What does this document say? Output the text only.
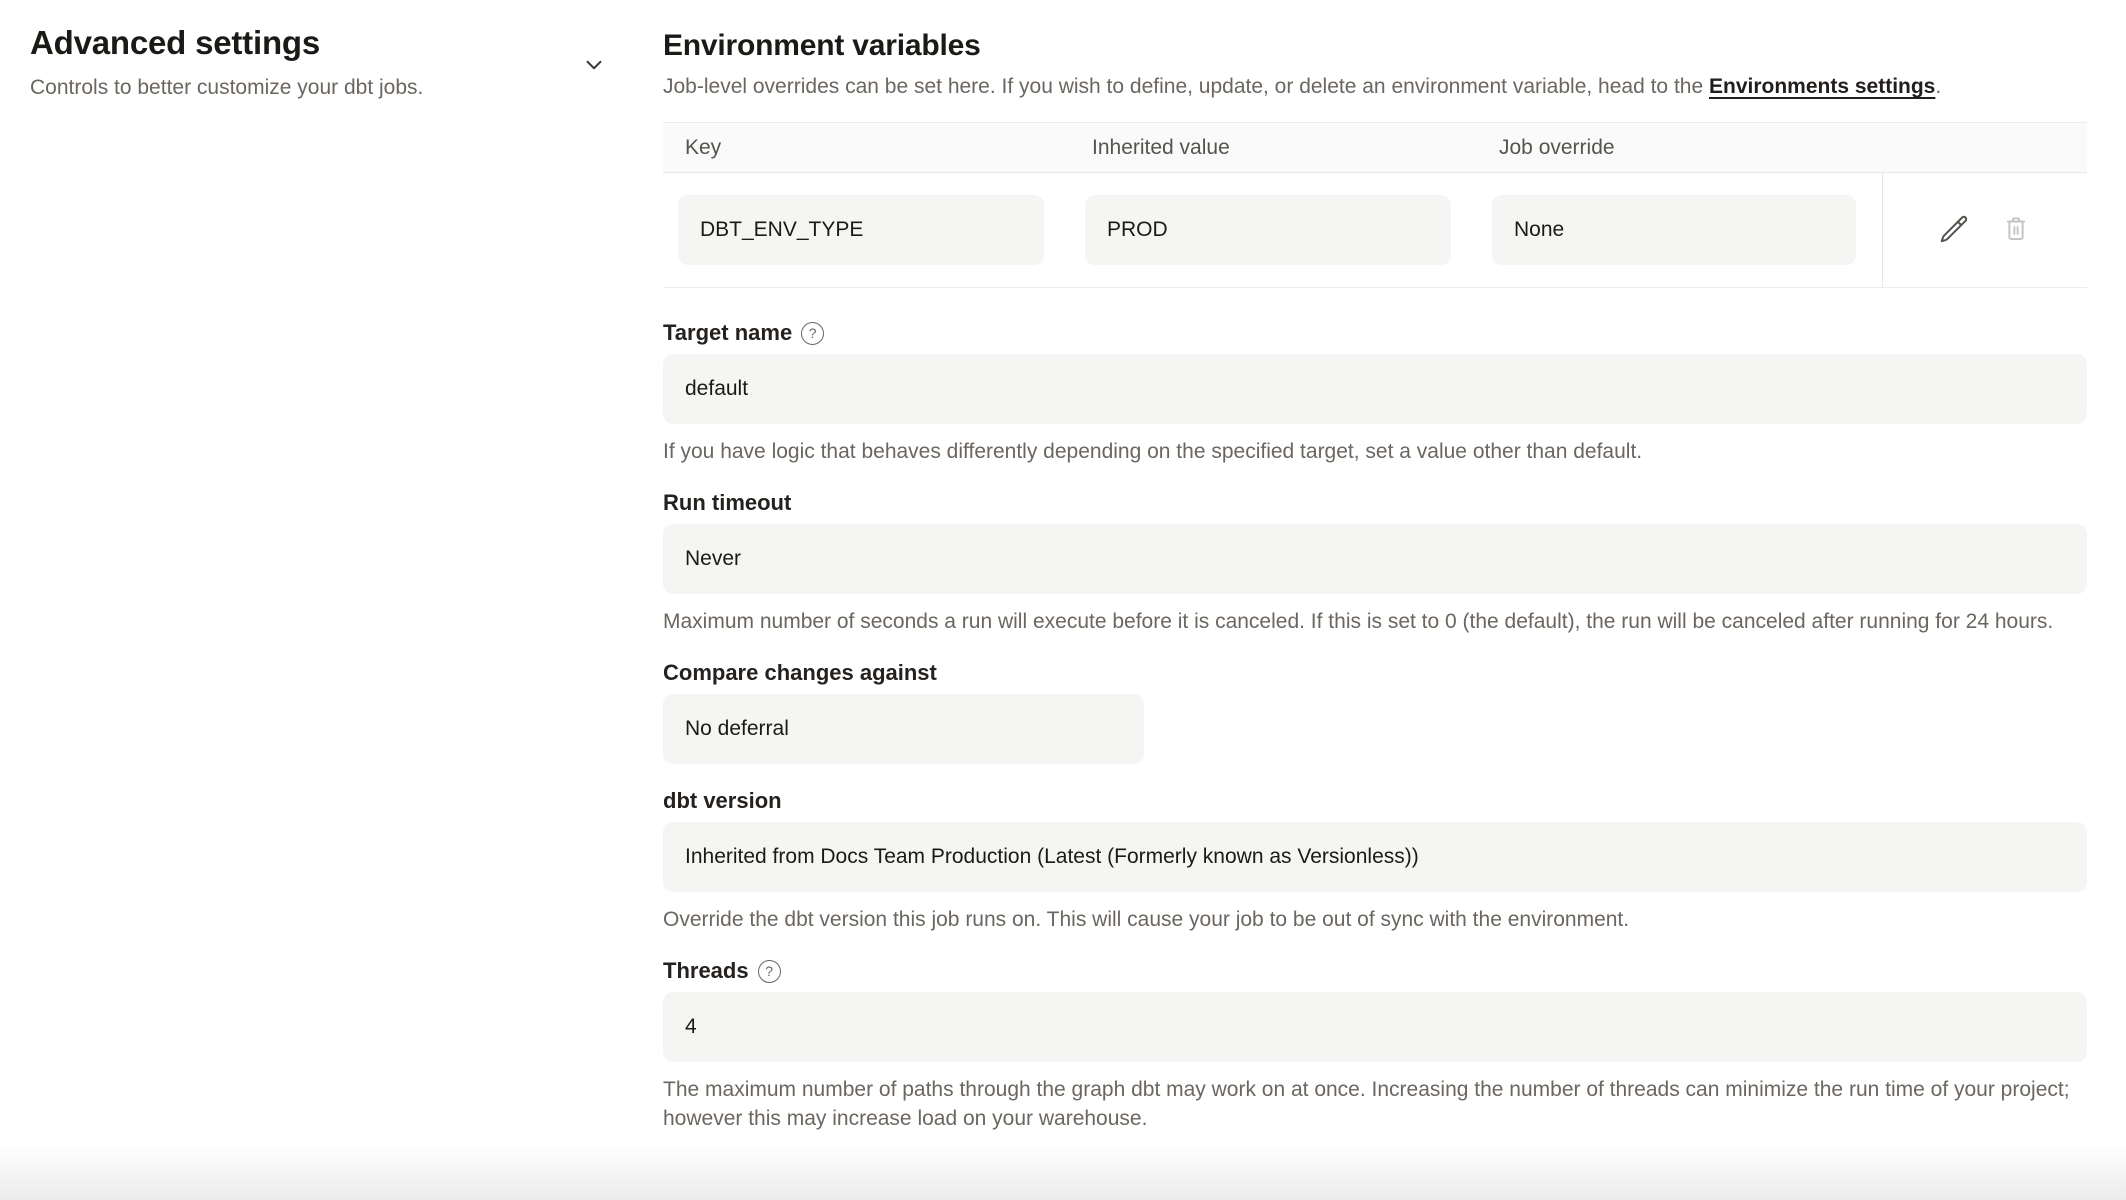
Advanced settings
Controls to better customize your dbt jobs.
Environment variables
Job-level overrides can be set here. If you wish to define, update, or delete an environment variable, head to the Environments settings.
Key	Inherited value	Job override
DBT_ENV_TYPE	PROD	None
Target name	?
default
If you have logic that behaves differently depending on the specified target, set a value other than default.
Run timeout
Never
Maximum number of seconds a run will execute before it is canceled. If this is set to 0 (the default), the run will be canceled after running for 24 hours.
Compare changes against
No deferral
dbt version
Inherited from Docs Team Production (Latest (Formerly known as Versionless))
Override the dbt version this job runs on. This will cause your job to be out of sync with the environment.
Threads	?
4
The maximum number of paths through the graph dbt may work on at once. Increasing the number of threads can minimize the run time of your project; however this may increase load on your warehouse.
